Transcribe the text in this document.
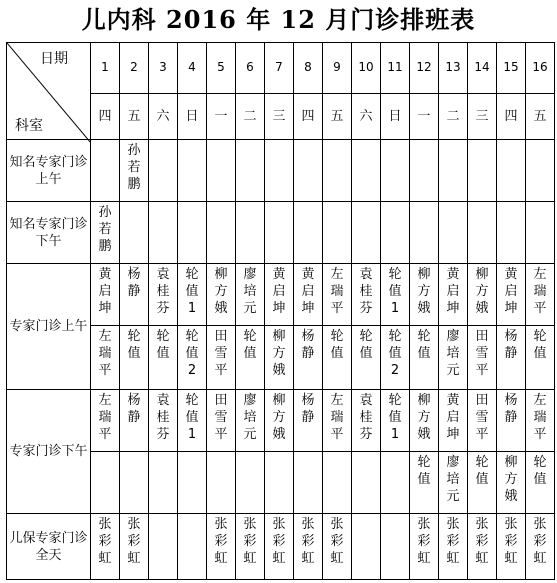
儿内科 2016 年 12 月门诊排班表
日期
科室	1	2	3	4	5	6	7	8	9	10	11	12	13	14	15	16
	四	五	六	日	一	二	三	四	五	六	日	一	二	三	四	五
知名专家门诊 上午		孙若鹏														

知名专家门诊 下午	孙若鹏															

专家门诊上午	黄启坤	杨静	袁桂芬	轮值1	柳方娥	廖培元	黄启坤	黄启坤	左瑞平	袁桂芬	轮值1	柳方娥	黄启坤	柳方娥	黄启坤	左瑞平

	左瑞平	轮值	轮值	轮值2	田雪平	轮值	柳方娥	杨静	轮值	轮值	轮值2	轮值	廖培元	田雪平	杨静	轮值

专家门诊下午	左瑞平	杨静	袁桂芬	轮值1	田雪平	廖培元	柳方娥	杨静	左瑞平	袁桂芬	轮值1	柳方娥	黄启坤	田雪平	杨静	左瑞平

												轮值	廖培元	轮值	柳方娥	轮值

儿保专家门诊全天	张彩虹	张彩虹			张彩虹	张彩虹	张彩虹	张彩虹	张彩虹			张彩虹	张彩虹	张彩虹	张彩虹	张彩虹
